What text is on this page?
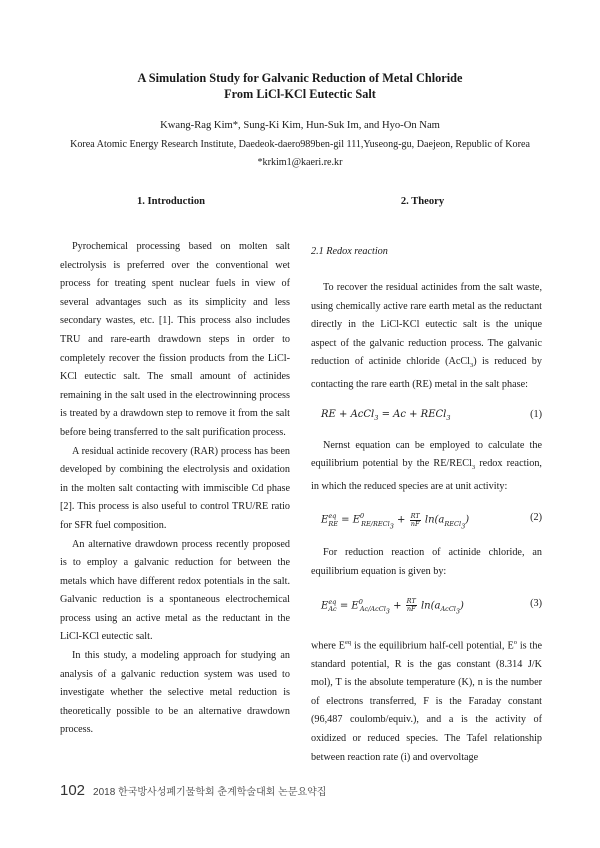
A Simulation Study for Galvanic Reduction of Metal Chloride
From LiCl-KCl Eutectic Salt
Kwang-Rag Kim*, Sung-Ki Kim, Hun-Suk Im, and Hyo-On Nam
Korea Atomic Energy Research Institute, Daedeok-daero989ben-gil 111,Yuseong-gu, Daejeon, Republic of Korea
*krkim1@kaeri.re.kr
1. Introduction

Pyrochemical processing based on molten salt electrolysis is preferred over the conventional wet process for treating spent nuclear fuels in view of several advantages such as its simplicity and less secondary wastes, etc. [1]. This process also includes TRU and rare-earth drawdown steps in order to completely recover the fission products from the LiCl-KCl eutectic salt. The small amount of actinides remaining in the salt used in the electrowinning process is treated by a drawdown step to remove it from the salt before being transferred to the salt purification process.

A residual actinide recovery (RAR) process has been developed by combining the electrolysis and oxidation in the molten salt contacting with immiscible Cd phase [2]. This process is also useful to control TRU/RE ratio for SFR fuel composition.

An alternative drawdown process recently proposed is to employ a galvanic reduction for between the metals which have different redox potentials in the salt. Galvanic reduction is a spontaneous electrochemical process using an active metal as the reductant in the LiCl-KCl eutectic salt.

In this study, a modeling approach for studying an analysis of a galvanic reduction system was used to investigate whether the selective metal reduction is theoretically possible to be an alternative drawdown process.

2. Theory
2.1 Redox reaction

To recover the residual actinides from the salt waste, using chemically active rare earth metal as the reductant directly in the LiCl-KCl eutectic salt is the unique aspect of the galvanic reduction process. The galvanic reduction of actinide chloride (AcCl$_3$) is reduced by contacting the rare earth (RE) metal in the salt phase:

RE + AcCl$_3$ = Ac + RECl$_3$	(1)

Nernst equation can be employed to calculate the equilibrium potential by the RE/RECl$_3$ redox reaction, in which the reduced species are at unit activity:

$E^{eq}_{RE} = E^0_{RE/RECl_3} + \frac{RT}{nF} \ln(a_{RECl_3})$	(2)

For reduction reaction of actinide chloride, an equilibrium equation is given by:

$E^{eq}_{Ac} = E^0_{Ac/AcCl_3} + \frac{RT}{nF} \ln(a_{AcCl_3})$	(3)

where $E^{eq}$ is the equilibrium half-cell potential, $E^o$ is the standard potential, R is the gas constant (8.314 J/K mol), T is the absolute temperature (K), n is the number of electrons transferred, F is the Faraday constant (96,487 coulomb/equiv.), and a is the activity of oxidized or reduced species. The Tafel relationship between reaction rate (i) and overvoltage

102 2018 한국방사성폐기물학회 춘계학술대회 논문요약집
